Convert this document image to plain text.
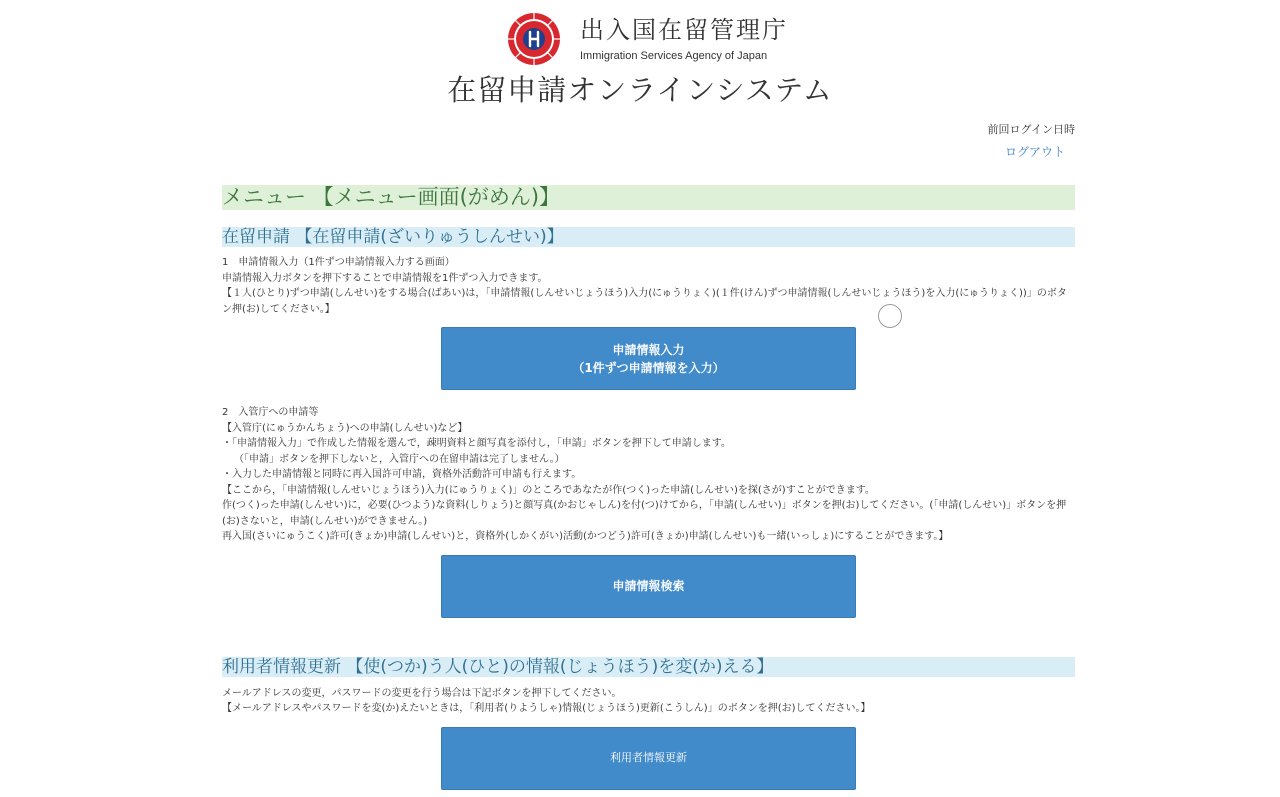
出入国在留管理庁
Immigration Services Agency of Japan
在留申請オンラインシステム
前回ログイン日時
ログアウト
メニュー 【メニュー画面(がめん)】
在留申請 【在留申請(ざいりゅうしんせい)】

1　申請情報入力（1件ずつ申請情報入力する画面）

申請情報入力ボタンを押下することで申請情報を1件ずつ入力できます。

【１人(ひとり)ずつ申請(しんせい)をする場合(ばあい)は，「申請情報(しんせいじょうほう)入力(にゅうりょく)(１件(けん)ずつ申請情報(しんせいじょうほう)を入力(にゅうりょく))」のボタン押(お)してください。】

申請情報入力
（1件ずつ申請情報を入力）

2　入管庁への申請等

【入管庁(にゅうかんちょう)への申請(しんせい)など】

・「申請情報入力」で作成した情報を選んで，疎明資料と顔写真を添付し，「申請」ボタンを押下して申請します。

（「申請」ボタンを押下しないと，入管庁への在留申請は完了しません。）

・入力した申請情報と同時に再入国許可申請，資格外活動許可申請も行えます。

【ここから，「申請情報(しんせいじょうほう)入力(にゅうりょく)」のところであなたが作(つく)った申請(しんせい)を探(さが)すことができます。

作(つく)った申請(しんせい)に，必要(ひつよう)な資料(しりょう)と顔写真(かおじゃしん)を付(つ)けてから，「申請(しんせい)」ボタンを押(お)してください。(「申請(しんせい)」ボタンを押(お)さないと，申請(しんせい)ができません。)

再入国(さいにゅうこく)許可(きょか)申請(しんせい)と，資格外(しかくがい)活動(かつどう)許可(きょか)申請(しんせい)も一緒(いっしょ)にすることができます。】

申請情報検索
利用者情報更新 【使(つか)う人(ひと)の情報(じょうほう)を変(か)える】

メールアドレスの変更，パスワードの変更を行う場合は下記ボタンを押下してください。

【メールアドレスやパスワードを変(か)えたいときは，「利用者(りようしゃ)情報(じょうほう)更新(こうしん)」のボタンを押(お)してください。】

利用者情報更新
